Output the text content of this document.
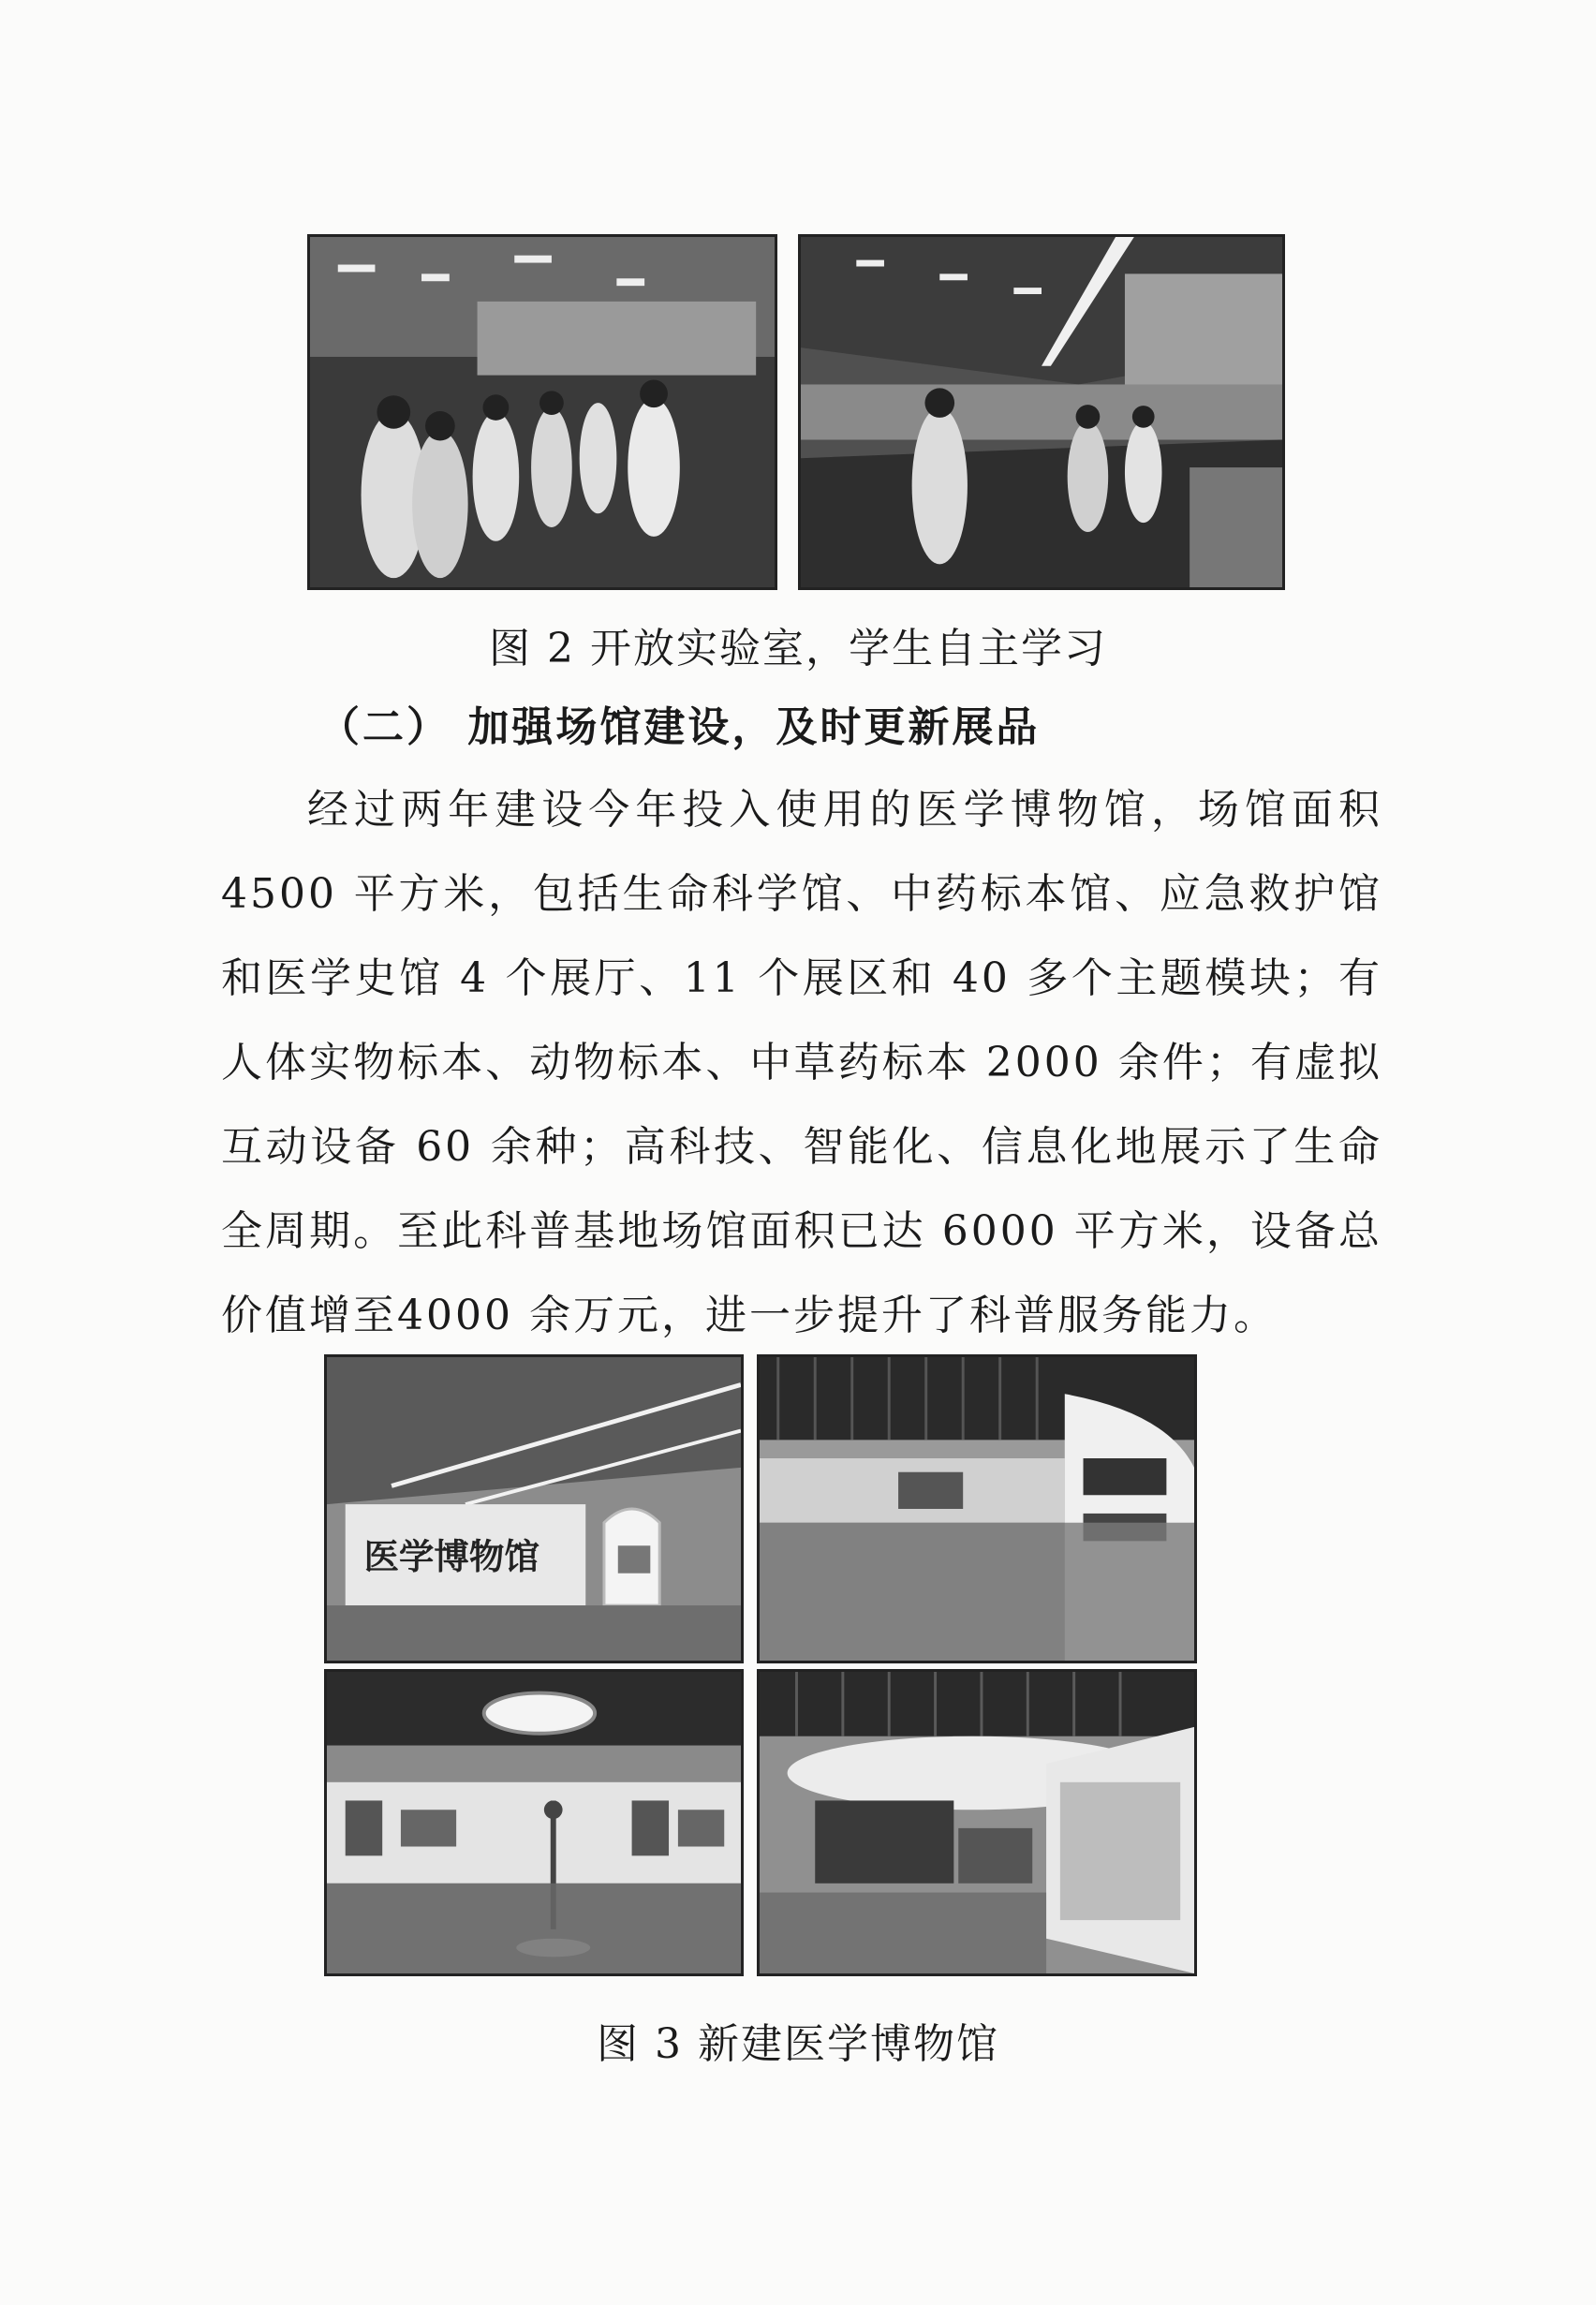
图 2 开放实验室，学生自主学习
（二） 加强场馆建设，及时更新展品
经过两年建设今年投入使用的医学博物馆，场馆面积4500 平方米，包括生命科学馆、中药标本馆、应急救护馆和医学史馆 4 个展厅、11 个展区和 40 多个主题模块；有人体实物标本、动物标本、中草药标本 2000 余件；有虚拟互动设备 60 余种；高科技、智能化、信息化地展示了生命全周期。至此科普基地场馆面积已达 6000 平方米，设备总价值增至4000 余万元，进一步提升了科普服务能力。
医学博物馆
图 3 新建医学博物馆
